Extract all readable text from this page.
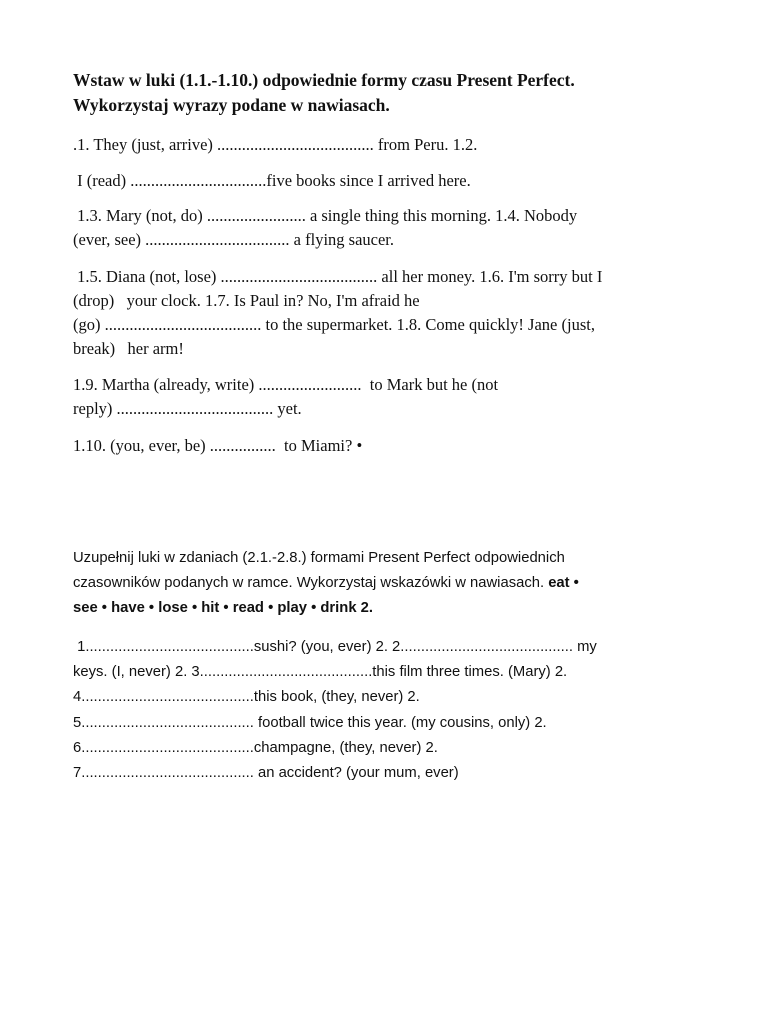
Wstaw w luki (1.1.-1.10.) odpowiednie formy czasu Present Perfect.
Wykorzystaj wyrazy podane w nawiasach.
.1. They (just, arrive) ...................................... from Peru. 1.2.
I (read) .................................five books since I arrived here.
1.3. Mary (not, do) ........................ a single thing this morning. 1.4. Nobody
(ever, see) ................................... a flying saucer.
1.5. Diana (not, lose) ...................................... all her money. 1.6. I'm sorry but I
(drop)   your clock. 1.7. Is Paul in? No, I'm afraid he
(go) ...................................... to the supermarket. 1.8. Come quickly! Jane (just,
break)   her arm!
1.9. Martha (already, write) .........................  to Mark but he (not
reply) ...................................... yet.
1.10. (you, ever, be) ................  to Miami? •
Uzupełnij luki w zdaniach (2.1.-2.8.) formami Present Perfect odpowiednich
czasowników podanych w ramce. Wykorzystaj wskazówki w nawiasach. eat •
see • have • lose • hit • read • play • drink 2.
1.........................................sushi? (you, ever) 2. 2.......................................... my
keys. (I, never) 2. 3..........................................this film three times. (Mary) 2.
4..........................................this book, (they, never) 2.
5.......................................... football twice this year. (my cousins, only) 2.
6..........................................champagne, (they, never) 2.
7.......................................... an accident? (your mum, ever)
